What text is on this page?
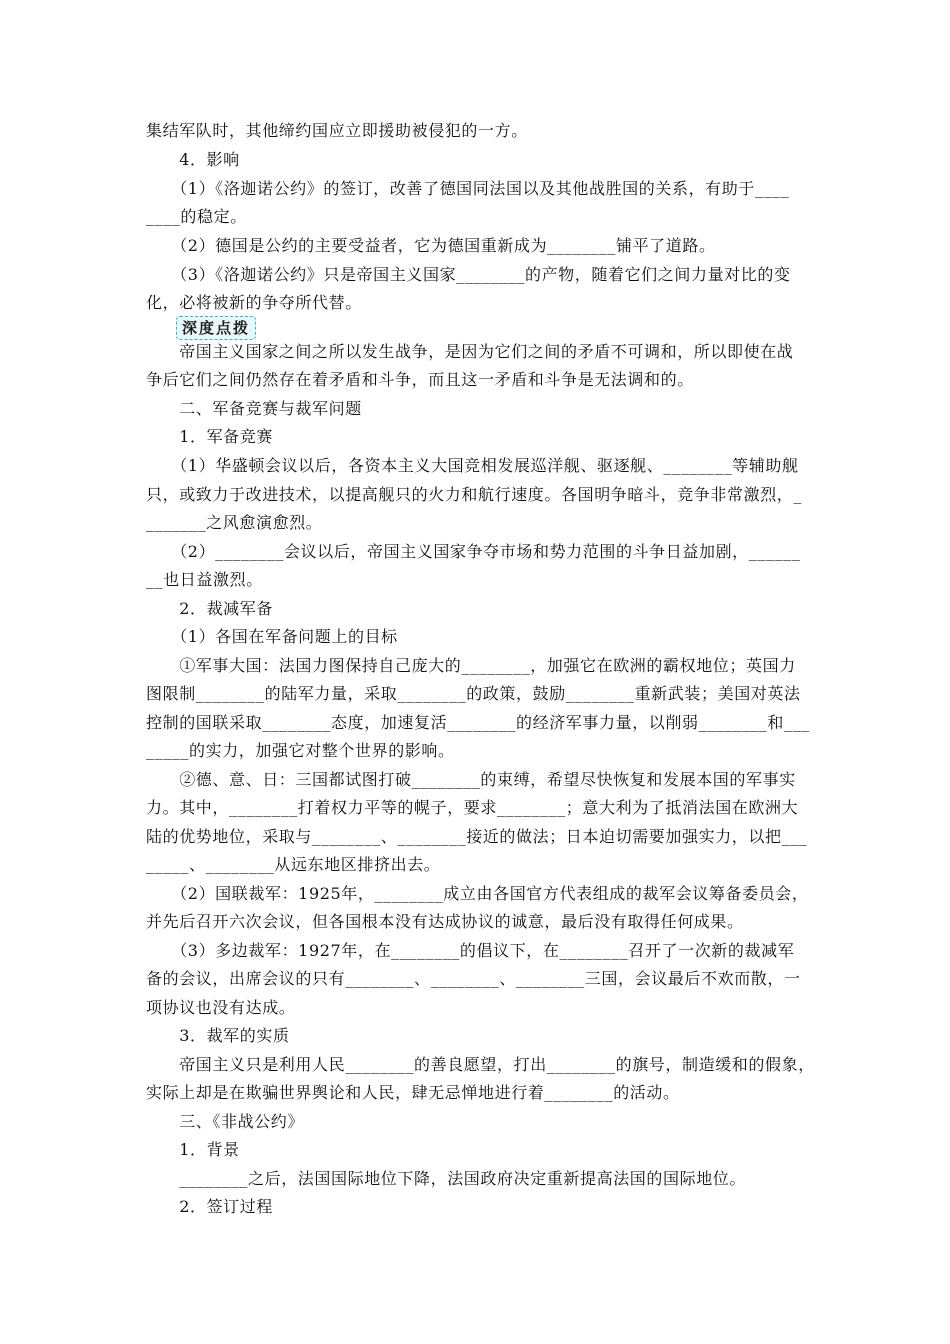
集结军队时，其他缔约国应立即援助被侵犯的一方。
　　4．影响
　　（1）《洛迦诺公约》的签订，改善了德国同法国以及其他战胜国的关系，有助于____
____的稳定。
　　（2）德国是公约的主要受益者，它为德国重新成为________铺平了道路。
　　（3）《洛迦诺公约》只是帝国主义国家________的产物，随着它们之间力量对比的变
化，必将被新的争夺所代替。
深度点拨
　　帝国主义国家之间之所以发生战争，是因为它们之间的矛盾不可调和，所以即使在战
争后它们之间仍然存在着矛盾和斗争，而且这一矛盾和斗争是无法调和的。
　　二、军备竞赛与裁军问题
　　1．军备竞赛
　　（1）华盛顿会议以后，各资本主义大国竞相发展巡洋舰、驱逐舰、________等辅助舰
只，或致力于改进技术，以提高舰只的火力和航行速度。各国明争暗斗，竞争非常激烈，_
_______之风愈演愈烈。
　　（2）________会议以后，帝国主义国家争夺市场和势力范围的斗争日益加剧，______
__也日益激烈。
　　2．裁减军备
　　（1）各国在军备问题上的目标
　　①军事大国：法国力图保持自己庞大的________，加强它在欧洲的霸权地位；英国力
图限制________的陆军力量，采取________的政策，鼓励________重新武装；美国对英法
控制的国联采取________态度，加速复活________的经济军事力量，以削弱________和___
_____的实力，加强它对整个世界的影响。
　　②德、意、日：三国都试图打破________的束缚，希望尽快恢复和发展本国的军事实
力。其中，________打着权力平等的幌子，要求________；意大利为了抵消法国在欧洲大
陆的优势地位，采取与________、________接近的做法；日本迫切需要加强实力，以把___
_____、________从远东地区排挤出去。
　　（2）国联裁军：1925年，________成立由各国官方代表组成的裁军会议筹备委员会，
并先后召开六次会议，但各国根本没有达成协议的诚意，最后没有取得任何成果。
　　（3）多边裁军：1927年，在________的倡议下，在________召开了一次新的裁减军
备的会议，出席会议的只有________、________、________三国，会议最后不欢而散，一
项协议也没有达成。
　　3．裁军的实质
　　帝国主义只是利用人民________的善良愿望，打出________的旗号，制造缓和的假象，
实际上却是在欺骗世界舆论和人民，肆无忌惮地进行着________的活动。
　　三、《非战公约》
　　1．背景
　　________之后，法国国际地位下降，法国政府决定重新提高法国的国际地位。
　　2．签订过程
